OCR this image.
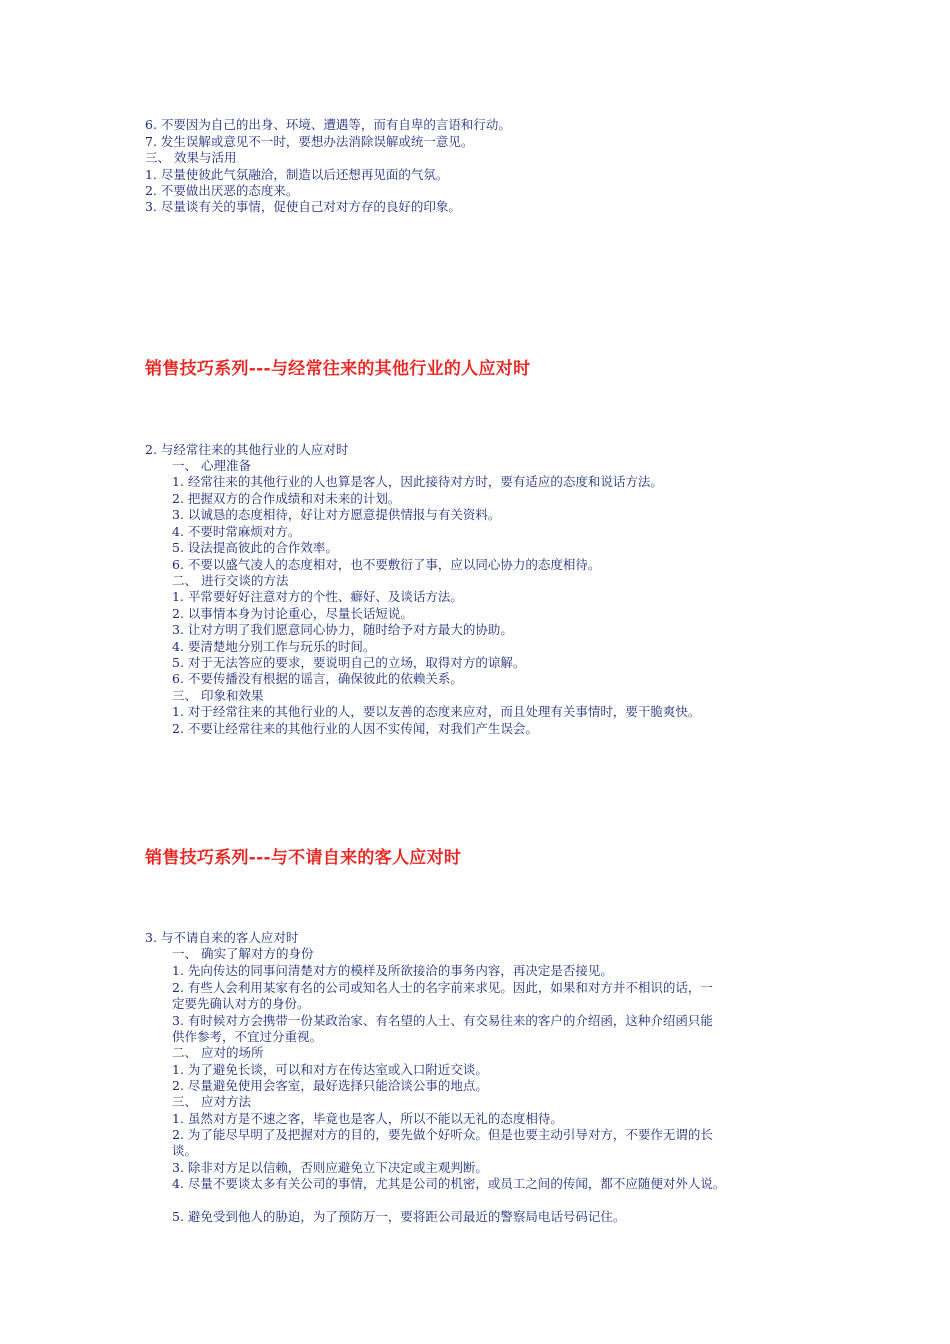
6. 不要因为自己的出身、环境、遭遇等，而有自卑的言语和行动。
7. 发生误解或意见不一时，要想办法消除误解或统一意见。
三、 效果与活用
1. 尽量使彼此气氛融洽，制造以后还想再见面的气氛。
2. 不要做出厌恶的态度来。
3. 尽量谈有关的事情，促使自己对对方存的良好的印象。
销售技巧系列---与经常往来的其他行业的人应对时
2. 与经常往来的其他行业的人应对时
一、 心理准备
1. 经常往来的其他行业的人也算是客人，因此接待对方时，要有适应的态度和说话方法。
2. 把握双方的合作成绩和对未来的计划。
3. 以诚恳的态度相待，好让对方愿意提供情报与有关资料。
4. 不要时常麻烦对方。
5. 设法提高彼此的合作效率。
6. 不要以盛气凌人的态度相对，也不要敷衍了事，应以同心协力的态度相待。
二、 进行交谈的方法
1. 平常要好好注意对方的个性、癖好、及谈话方法。
2. 以事情本身为讨论重心，尽量长话短说。
3. 让对方明了我们愿意同心协力，随时给予对方最大的协助。
4. 要清楚地分别工作与玩乐的时间。
5. 对于无法答应的要求，要说明自己的立场，取得对方的谅解。
6. 不要传播没有根据的谣言，确保彼此的依赖关系。
三、 印象和效果
1. 对于经常往来的其他行业的人，要以友善的态度来应对，而且处理有关事情时，要干脆爽快。
2. 不要让经常往来的其他行业的人因不实传闻，对我们产生误会。
销售技巧系列---与不请自来的客人应对时
3. 与不请自来的客人应对时
一、 确实了解对方的身份
1. 先向传达的同事问清楚对方的模样及所欲接洽的事务内容，再决定是否接见。
2. 有些人会利用某家有名的公司或知名人士的名字前来求见。因此，如果和对方并不相识的话，一
定要先确认对方的身份。
3. 有时候对方会携带一份某政治家、有名望的人士、有交易往来的客户的介绍函，这种介绍函只能
供作参考，不宜过分重视。
二、 应对的场所
1. 为了避免长谈，可以和对方在传达室或入口附近交谈。
2. 尽量避免使用会客室，最好选择只能洽谈公事的地点。
三、 应对方法
1. 虽然对方是不速之客，毕竟也是客人，所以不能以无礼的态度相待。
2. 为了能尽早明了及把握对方的目的，要先做个好听众。但是也要主动引导对方，不要作无谓的长
谈。
3. 除非对方足以信赖，否则应避免立下决定或主观判断。
4. 尽量不要谈太多有关公司的事情，尤其是公司的机密，或员工之间的传闻，都不应随便对外人说。
5. 避免受到他人的胁迫，为了预防万一，要将距公司最近的警察局电话号码记住。
